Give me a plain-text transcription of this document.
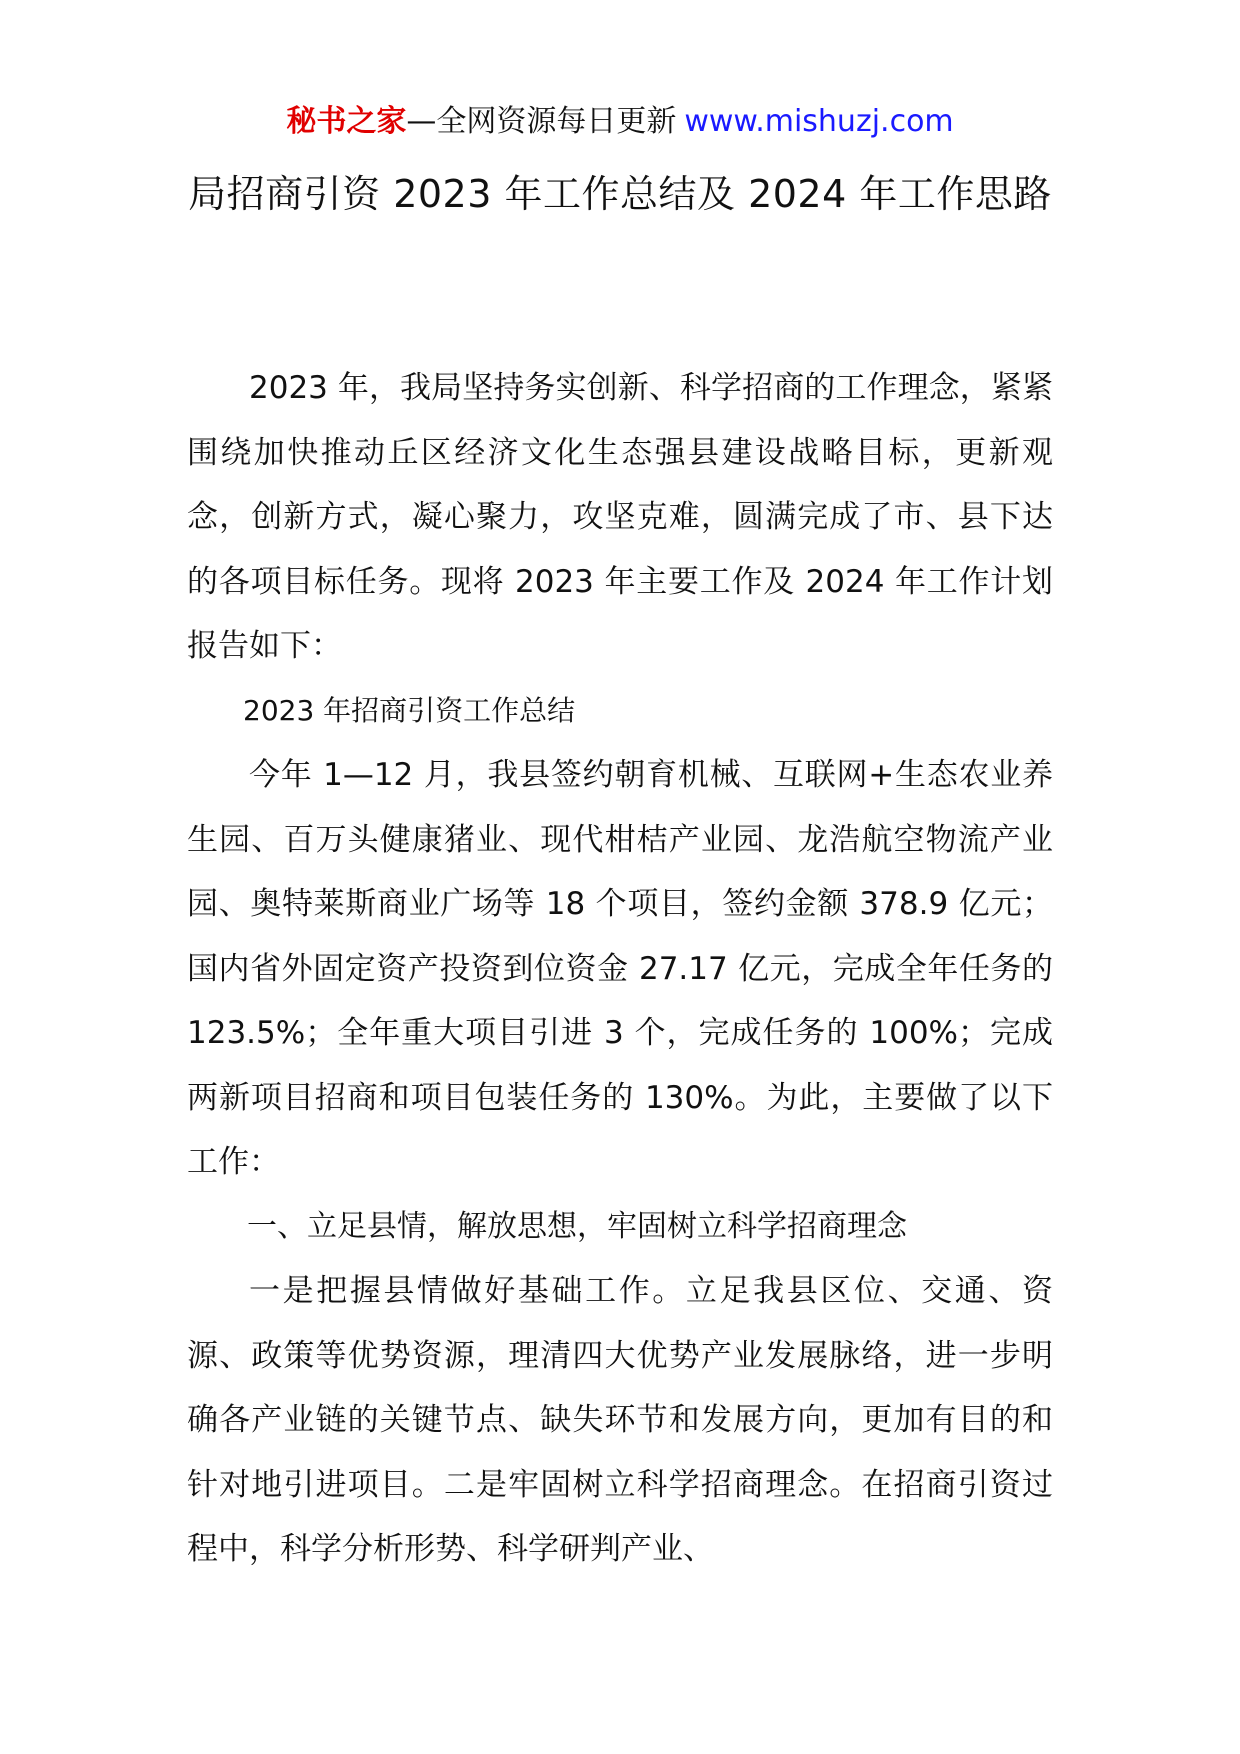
秘书之家—全网资源每日更新 www.mishuzj.com
局招商引资 2023 年工作总结及 2024 年工作思路

2023 年，我局坚持务实创新、科学招商的工作理念，紧紧围绕加快推动丘区经济文化生态强县建设战略目标，更新观念，创新方式，凝心聚力，攻坚克难，圆满完成了市、县下达的各项目标任务。现将 2023 年主要工作及 2024 年工作计划报告如下：

2023 年招商引资工作总结

今年 1—12 月，我县签约朝育机械、互联网+生态农业养生园、百万头健康猪业、现代柑桔产业园、龙浩航空物流产业园、奥特莱斯商业广场等 18 个项目，签约金额 378.9 亿元；国内省外固定资产投资到位资金 27.17 亿元，完成全年任务的 123.5%；全年重大项目引进 3 个，完成任务的 100%；完成两新项目招商和项目包装任务的 130%。为此，主要做了以下工作：

一、立足县情，解放思想，牢固树立科学招商理念

一是把握县情做好基础工作。立足我县区位、交通、资源、政策等优势资源，理清四大优势产业发展脉络，进一步明确各产业链的关键节点、缺失环节和发展方向，更加有目的和针对地引进项目。二是牢固树立科学招商理念。在招商引资过程中，科学分析形势、科学研判产业、
